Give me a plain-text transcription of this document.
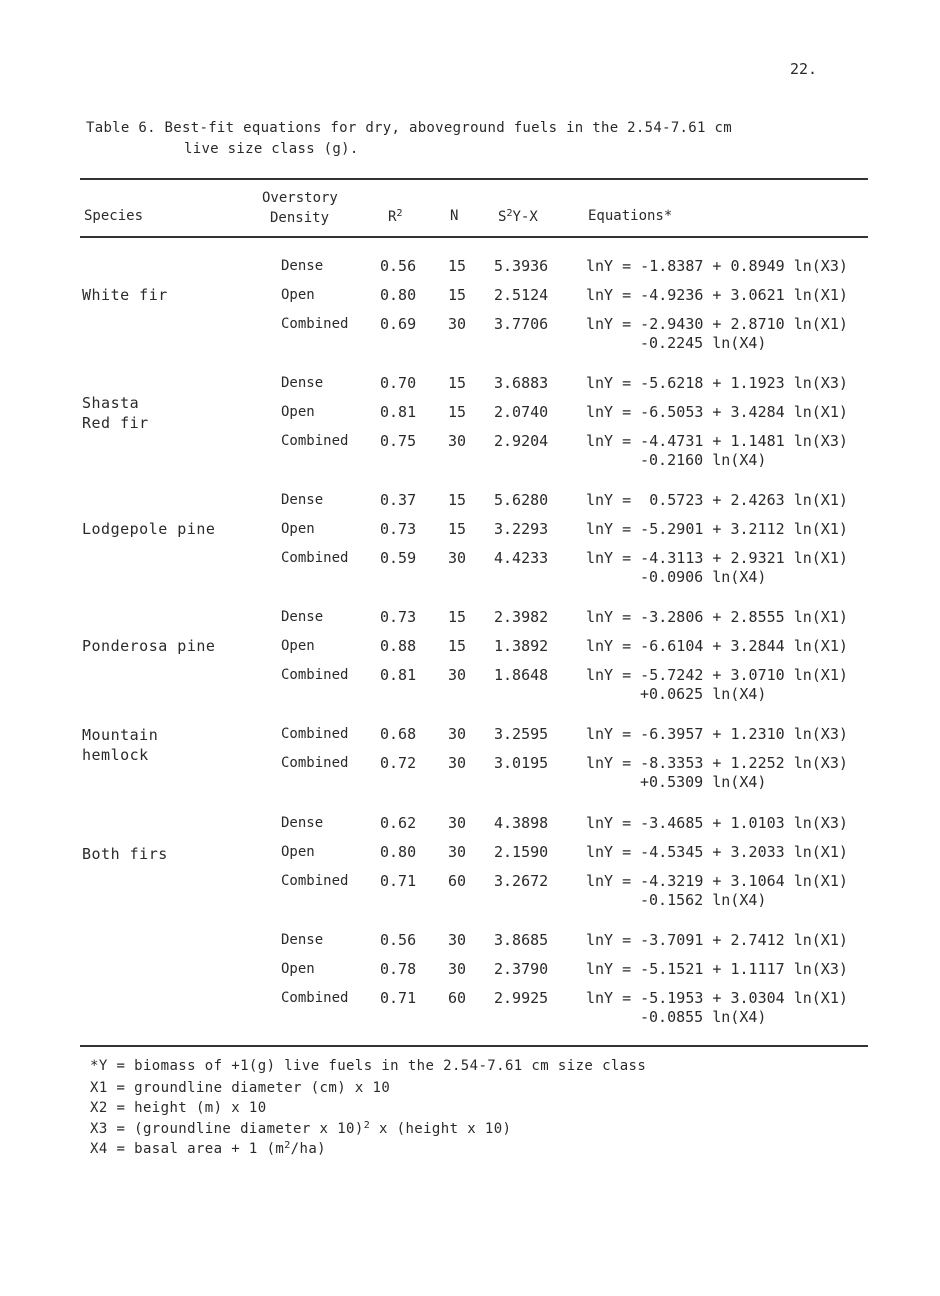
22.
Table 6. Best-fit equations for dry, aboveground fuels in the 2.54-7.61 cm
live size class (g).
Species
Overstory
Density	$R^2$	N	$S^2Y-X$	Equations*
White fir
Dense	0.56 15 5.3936	lnY = -1.8387 + 0.8949 ln(X3)
Open	0.80 15 2.5124	lnY = -4.9236 + 3.0621 ln(X1)
Combined 0.69 30 3.7706	lnY = -2.9430 + 2.8710 ln(X1)
-0.2245 ln(X4)
Shasta
Red fir
Dense	0.70 15 3.6883	lnY = -5.6218 + 1.1923 ln(X3)
Open	0.81 15 2.0740	lnY = -6.5053 + 3.4284 ln(X1)
Combined 0.75 30 2.9204	lnY = -4.4731 + 1.1481 ln(X3)
-0.2160 ln(X4)
Lodgepole pine
Dense	0.37 15 5.6280	lnY =  0.5723 + 2.4263 ln(X1)
Open	0.73 15 3.2293	lnY = -5.2901 + 3.2112 ln(X1)
Combined 0.59 30 4.4233	lnY = -4.3113 + 2.9321 ln(X1)
-0.0906 ln(X4)
Ponderosa pine
Dense	0.73 15 2.3982	lnY = -3.2806 + 2.8555 ln(X1)
Open	0.88 15 1.3892	lnY = -6.6104 + 3.2844 ln(X1)
Combined 0.81 30 1.8648	lnY = -5.7242 + 3.0710 ln(X1)
+0.0625 ln(X4)
Mountain
hemlock
Combined 0.68 30 3.2595	lnY = -6.3957 + 1.2310 ln(X3)
Combined 0.72 30 3.0195	lnY = -8.3353 + 1.2252 ln(X3)
+0.5309 ln(X4)
Both firs
Dense	0.62 30 4.3898	lnY = -3.4685 + 1.0103 ln(X3)
Open	0.80 30 2.1590	lnY = -4.5345 + 3.2033 ln(X1)
Combined 0.71 60 3.2672	lnY = -4.3219 + 3.1064 ln(X1)
-0.1562 ln(X4)
Dense	0.56 30 3.8685	lnY = -3.7091 + 2.7412 ln(X1)
Open	0.78 30 2.3790	lnY = -5.1521 + 1.1117 ln(X3)
Combined 0.71 60 2.9925	lnY = -5.1953 + 3.0304 ln(X1)
-0.0855 ln(X4)
*Y = biomass of +1(g) live fuels in the 2.54-7.61 cm size class
X1 = groundline diameter (cm) x 10
X2 = height (m) x 10
X3 = (groundline diameter x 10)$^2$ x (height x 10)
X4 = basal area + 1 $(m^2/ha)$
